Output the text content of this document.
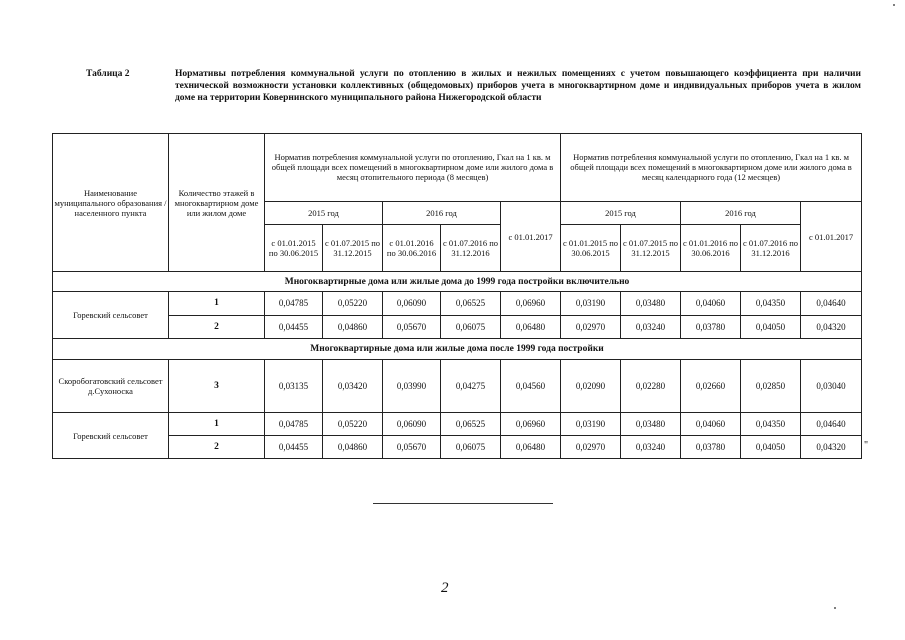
Таблица 2	Нормативы потребления коммунальной услуги по отоплению в жилых и нежилых помещениях с учетом повышающего коэффициента при наличии технической возможности установки коллективных (общедомовых) приборов учета в многоквартирном доме и индивидуальных приборов учета в жилом доме на территории Ковернинского муниципального района Нижегородской области
Наименование муниципального образования / населенного пункта	Количество этажей в многоквартирном доме или жилом доме	Норматив потребления коммунальной услуги по отоплению, Гкал на 1 кв. м общей площади всех помещений в многоквартирном доме или жилого дома в месяц отопительного периода (8 месяцев)					Норматив потребления коммунальной услуги по отоплению, Гкал на 1 кв. м общей площади всех помещений в многоквартирном доме или жилого дома в месяц календарного года (12 месяцев)				
		2015 год		2016 год		с 01.01.2017	2015 год		2016 год		с 01.01.2017
		с 01.01.2015 по 30.06.2015	с 01.07.2015 по 31.12.2015	с 01.01.2016 по 30.06.2016	с 01.07.2016 по 31.12.2016		с 01.01.2015 по 30.06.2015	с 01.07.2015 по 31.12.2015	с 01.01.2016 по 30.06.2016	с 01.07.2016 по 31.12.2016	
Многоквартирные дома или жилые дома до 1999 года постройки включительно											
Горевский сельсовет	1	0,04785	0,05220	0,06090	0,06525	0,06960	0,03190	0,03480	0,04060	0,04350	0,04640
	2	0,04455	0,04860	0,05670	0,06075	0,06480	0,02970	0,03240	0,03780	0,04050	0,04320
Многоквартирные дома или жилые дома после 1999 года постройки											
Скоробогатовский сельсовет д.Сухоноска	3	0,03135	0,03420	0,03990	0,04275	0,04560	0,02090	0,02280	0,02660	0,02850	0,03040
Горевский сельсовет	1	0,04785	0,05220	0,06090	0,06525	0,06960	0,03190	0,03480	0,04060	0,04350	0,04640
	2	0,04455	0,04860	0,05670	0,06075	0,06480	0,02970	0,03240	0,03780	0,04050	0,04320 "
2
